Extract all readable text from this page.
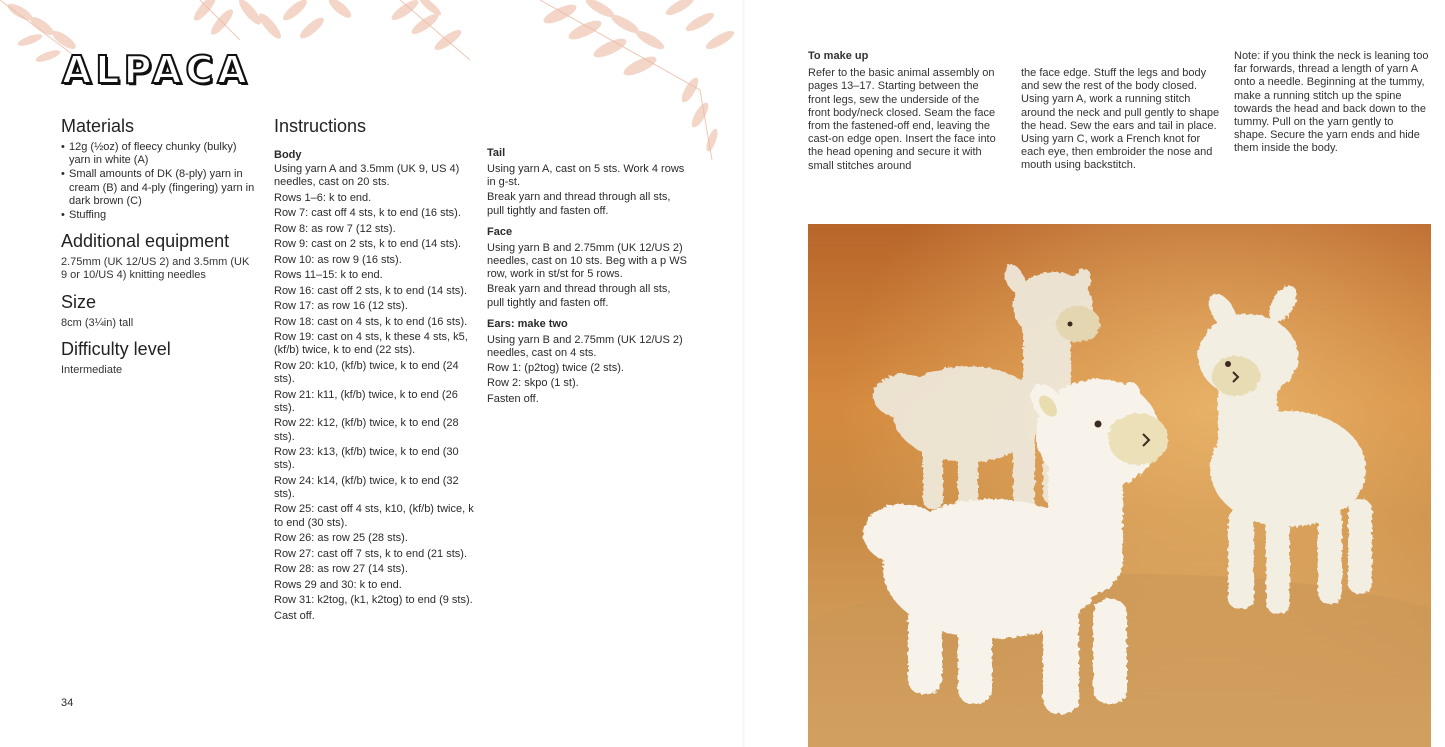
ALPACA
Materials
• 12g (½oz) of fleecy chunky (bulky) yarn in white (A)
• Small amounts of DK (8-ply) yarn in cream (B) and 4-ply (fingering) yarn in dark brown (C)
• Stuffing
Additional equipment
2.75mm (UK 12/US 2) and 3.5mm (UK 9 or 10/US 4) knitting needles
Size
8cm (3¼in) tall
Difficulty level
Intermediate
Instructions
Body
Using yarn A and 3.5mm (UK 9, US 4) needles, cast on 20 sts.
Rows 1–6: k to end.
Row 7: cast off 4 sts, k to end (16 sts).
Row 8: as row 7 (12 sts).
Row 9: cast on 2 sts, k to end (14 sts).
Row 10: as row 9 (16 sts).
Rows 11–15: k to end.
Row 16: cast off 2 sts, k to end (14 sts).
Row 17: as row 16 (12 sts).
Row 18: cast on 4 sts, k to end (16 sts).
Row 19: cast on 4 sts, k these 4 sts, k5, (kf/b) twice, k to end (22 sts).
Row 20: k10, (kf/b) twice, k to end (24 sts).
Row 21: k11, (kf/b) twice, k to end (26 sts).
Row 22: k12, (kf/b) twice, k to end (28 sts).
Row 23: k13, (kf/b) twice, k to end (30 sts).
Row 24: k14, (kf/b) twice, k to end (32 sts).
Row 25: cast off 4 sts, k10, (kf/b) twice, k to end (30 sts).
Row 26: as row 25 (28 sts).
Row 27: cast off 7 sts, k to end (21 sts).
Row 28: as row 27 (14 sts).
Rows 29 and 30: k to end.
Row 31: k2tog, (k1, k2tog) to end (9 sts).
Cast off.
Tail
Using yarn A, cast on 5 sts. Work 4 rows in g-st.
Break yarn and thread through all sts, pull tightly and fasten off.
Face
Using yarn B and 2.75mm (UK 12/US 2) needles, cast on 10 sts. Beg with a p WS row, work in st/st for 5 rows.
Break yarn and thread through all sts, pull tightly and fasten off.
Ears: make two
Using yarn B and 2.75mm (UK 12/US 2) needles, cast on 4 sts.
Row 1: (p2tog) twice (2 sts).
Row 2: skpo (1 st).
Fasten off.
34
To make up

Refer to the basic animal assembly on pages 13–17. Starting between the front legs, sew the underside of the front body/neck closed. Seam the face from the fastened-off end, leaving the cast-on edge open. Insert the face into the head opening and secure it with small stitches around

the face edge. Stuff the legs and body and sew the rest of the body closed. Using yarn A, work a running stitch around the neck and pull gently to shape the head. Sew the ears and tail in place. Using yarn C, work a French knot for each eye, then embroider the nose and mouth using backstitch.

Note: if you think the neck is leaning too far forwards, thread a length of yarn A onto a needle. Beginning at the tummy, make a running stitch up the spine towards the head and back down to the tummy. Pull on the yarn gently to shape. Secure the yarn ends and hide them inside the body.
